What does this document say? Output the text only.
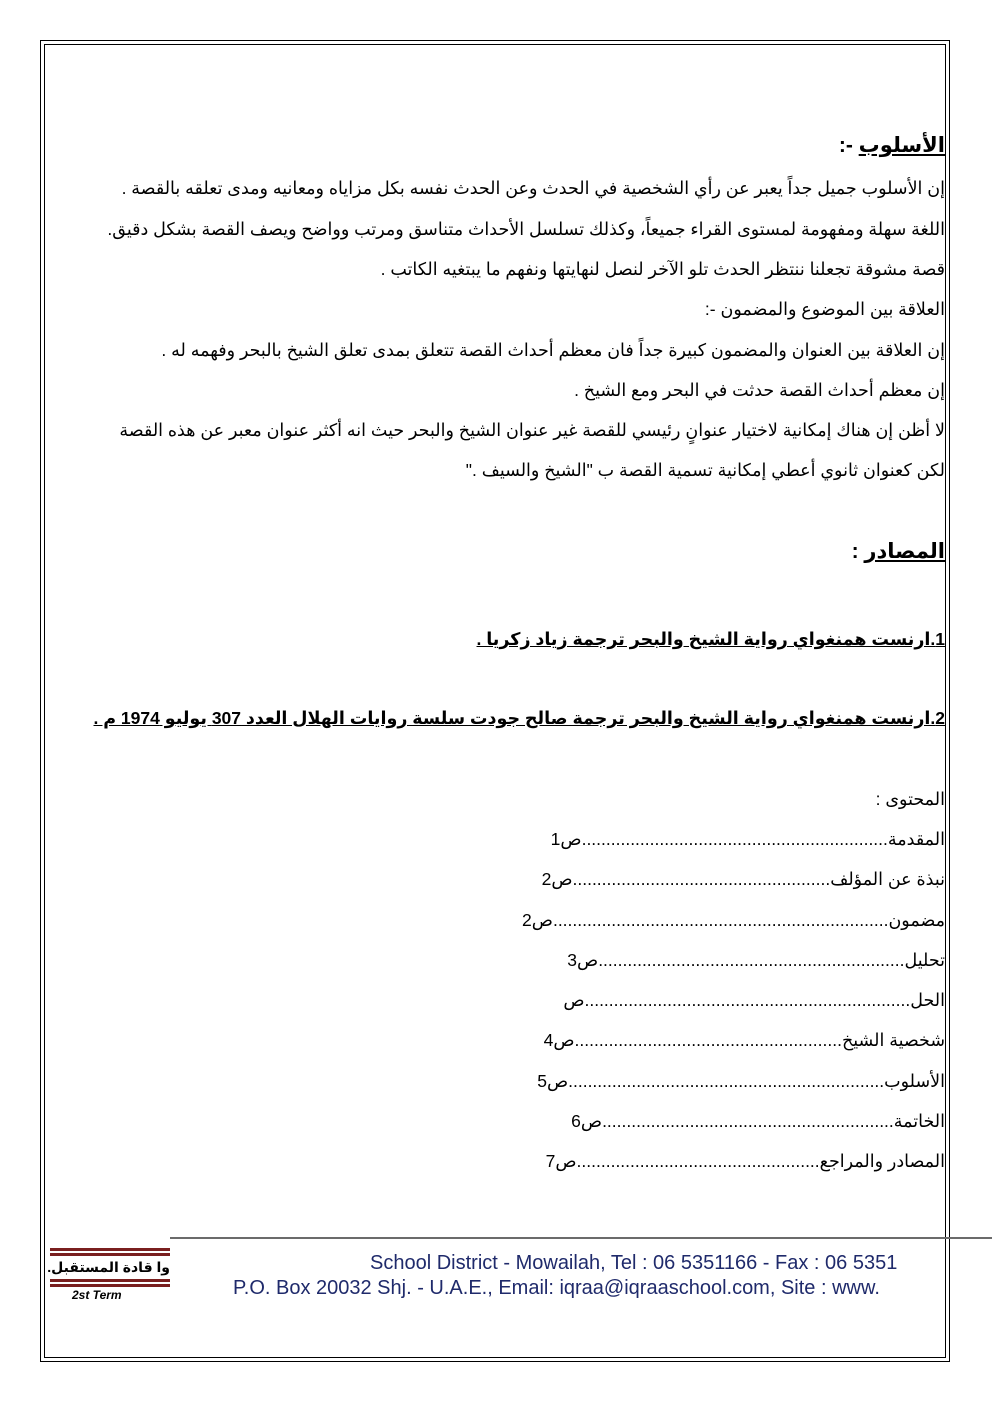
الأسلوب -:
إن الأسلوب جميل جداً يعبر عن رأي الشخصية في الحدث وعن الحدث نفسه بكل مزاياه ومعانيه ومدى تعلقه بالقصة .
اللغة سهلة ومفهومة لمستوى القراء جميعاً، وكذلك تسلسل الأحداث متناسق ومرتب وواضح ويصف القصة بشكل دقيق.
قصة مشوقة تجعلنا ننتظر الحدث تلو الآخر لنصل لنهايتها ونفهم ما يبتغيه الكاتب .
العلاقة بين الموضوع والمضمون -:
إن العلاقة بين العنوان والمضمون كبيرة جداً فان معظم أحداث القصة تتعلق بمدى تعلق الشيخ بالبحر وفهمه له .
إن معظم أحداث القصة حدثت في البحر ومع الشيخ .
لا أظن إن هناك إمكانية لاختيار عنوانٍ رئيسي للقصة غير عنوان الشيخ والبحر حيث انه أكثر عنوان معبر عن هذه القصة
لكن كعنوان ثانوي أعطي إمكانية تسمية القصة ب "الشيخ والسيف ."
المصادر :
1.ارنست همنغواي رواية الشيخ والبحر ترجمة زياد زكريا .
2.ارنست همنغواي رواية الشيخ والبحر ترجمة صالح جودت سلسة روايات الهلال العدد 307 يوليو 1974 م .
المحتوى :
المقدمة...............................................................ص1
نبذة عن المؤلف.....................................................ص2
مضمون.....................................................................ص2
تحليل...............................................................ص3
الحل...................................................................ص
شخصية الشيخ.......................................................ص4
الأسلوب.................................................................ص5
الخاتمة............................................................ص6
المصادر والمراجع..................................................ص7
School District - Mowailah, Tel : 06 5351166 - Fax : 06 5351
P.O. Box 20032 Shj. - U.A.E., Email: iqraa@iqraaschool.com, Site : www.
وا قادة المستقبل.
2st Term
